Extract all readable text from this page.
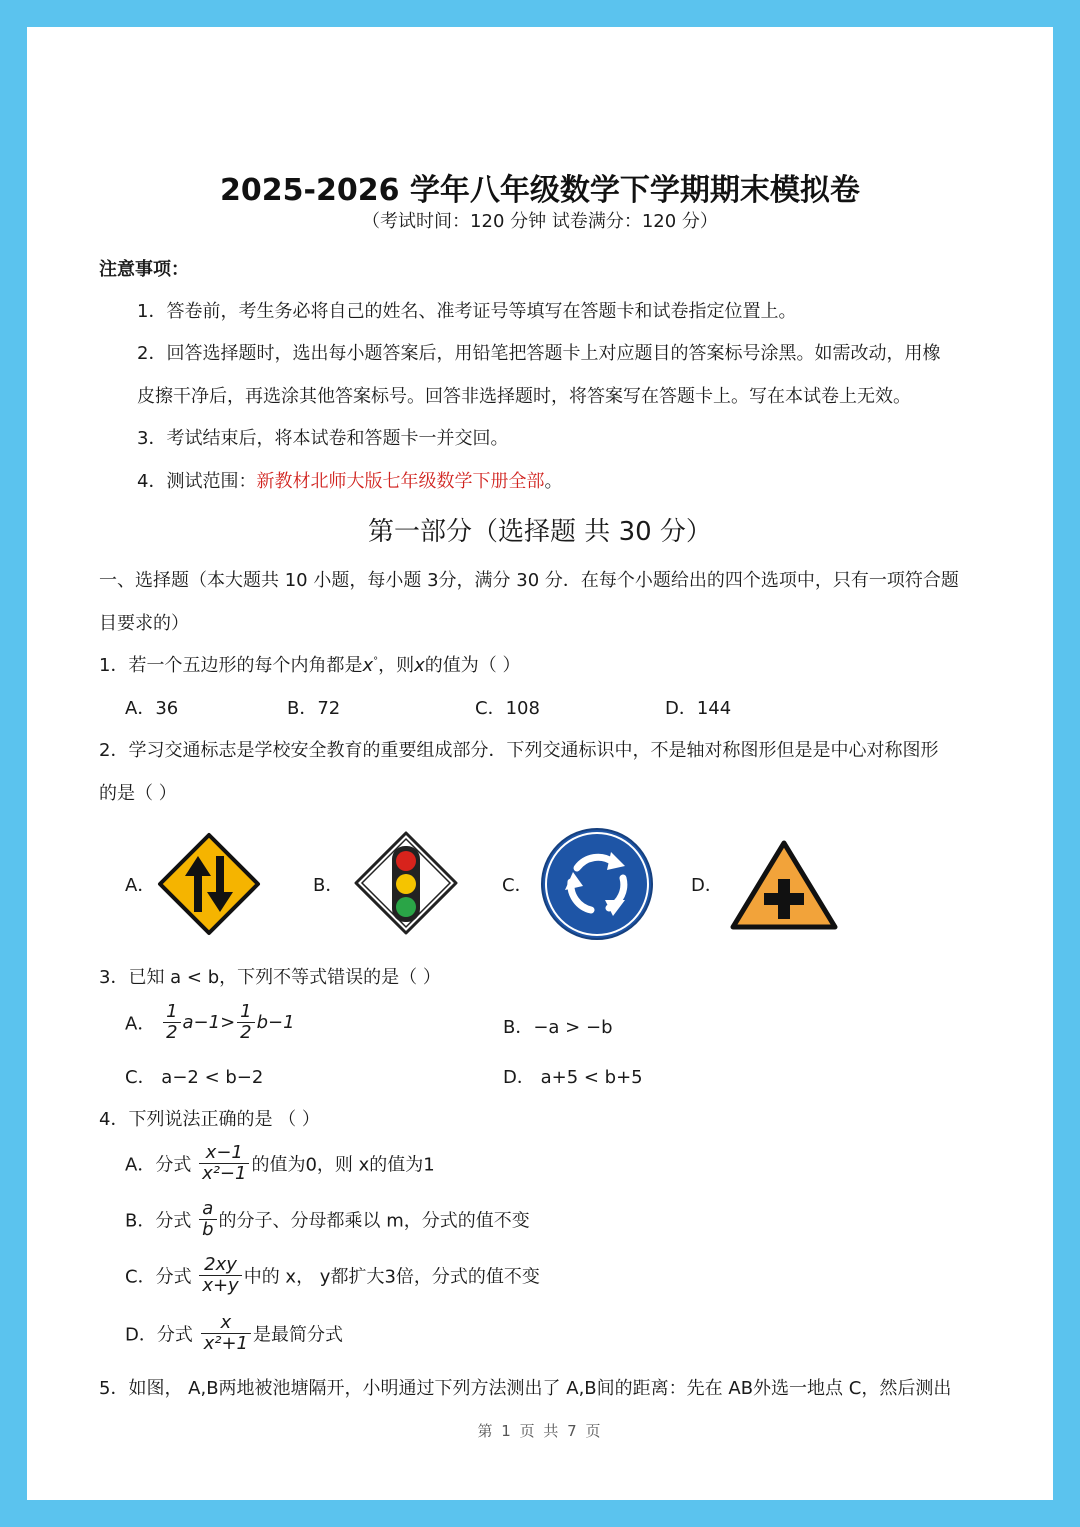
2025-2026 学年八年级数学下学期期末模拟卷
（考试时间：120 分钟 试卷满分：120 分）
注意事项：
1．答卷前，考生务必将自己的姓名、准考证号等填写在答题卡和试卷指定位置上。
2．回答选择题时，选出每小题答案后，用铅笔把答题卡上对应题目的答案标号涂黑。如需改动，用橡
皮擦干净后，再选涂其他答案标号。回答非选择题时，将答案写在答题卡上。写在本试卷上无效。
3．考试结束后，将本试卷和答题卡一并交回。
4．测试范围：新教材北师大版七年级数学下册全部。
第一部分（选择题 共 30 分）
一、选择题（本大题共 10 小题，每小题 3分，满分 30 分．在每个小题给出的四个选项中，只有一项符合题
目要求的）
1．若一个五边形的每个内角都是x°，则x的值为（ ）
A．36	B．72	C．108	D．144
2．学习交通标志是学校安全教育的重要组成部分．下列交通标识中，不是轴对称图形但是是中心对称图形
的是（ ）
A．	B．	C．	D．
3．已知 a < b，下列不等式错误的是（ ）
A． $\frac{1}{2} a-1> \frac{1}{2} b-1$	B．−a > −b
C． a−2 < b−2	D． a+5 < b+5
4．下列说法正确的是 （ ）
A．分式 $\frac{x-1}{\text{x²−1}}$ 的值为0，则 x的值为1
B．分式 $\frac{a}{b}$ 的分子、分母都乘以 m，分式的值不变
C．分式 $\frac{2xy}{x+y}$ 中的 x， y都扩大3倍，分式的值不变
D．分式 $\frac{x}{\text{x²+1}}$ 是最简分式
5．如图， A,B两地被池塘隔开，小明通过下列方法测出了 A,B间的距离：先在 AB外选一地点 C，然后测出
第 1 页 共 7 页
